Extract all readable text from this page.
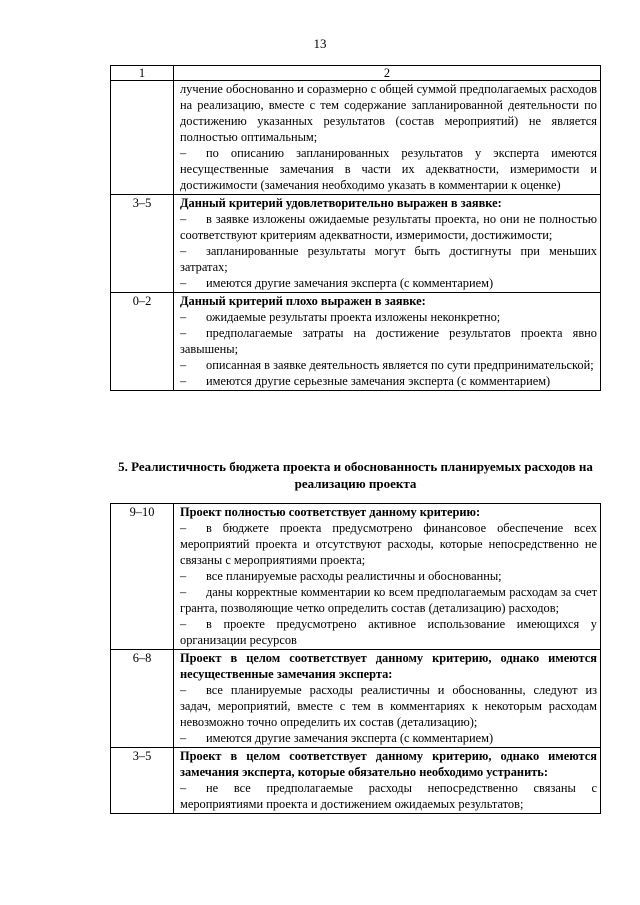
13
1	2

	лучение обоснованно и соразмерно с общей суммой предполагаемых расходов на реализацию, вместе с тем содержание запланированной деятельности по достижению указанных результатов (состав мероприятий) не является полностью оптимальным;
– по описанию запланированных результатов у эксперта имеются несущественные замечания в части их адекватности, измеримости и достижимости (замечания необходимо указать в комментарии к оценке)

3–5	Данный критерий удовлетворительно выражен в заявке:
– в заявке изложены ожидаемые результаты проекта, но они не полностью соответствуют критериям адекватности, измеримости, достижимости;
– запланированные результаты могут быть достигнуты при меньших затратах;
– имеются другие замечания эксперта (с комментарием)

0–2	Данный критерий плохо выражен в заявке:
– ожидаемые результаты проекта изложены неконкретно;
– предполагаемые затраты на достижение результатов проекта явно завышены;
– описанная в заявке деятельность является по сути предпринимательской;
– имеются другие серьезные замечания эксперта (с комментарием)
5. Реалистичность бюджета проекта и обоснованность планируемых расходов на реализацию проекта
9–10	Проект полностью соответствует данному критерию:
– в бюджете проекта предусмотрено финансовое обеспечение всех мероприятий проекта и отсутствуют расходы, которые непосредственно не связаны с мероприятиями проекта;
– все планируемые расходы реалистичны и обоснованны;
– даны корректные комментарии ко всем предполагаемым расходам за счет гранта, позволяющие четко определить состав (детализацию) расходов;
– в проекте предусмотрено активное использование имеющихся у организации ресурсов

6–8	Проект в целом соответствует данному критерию, однако имеются несущественные замечания эксперта:
– все планируемые расходы реалистичны и обоснованны, следуют из задач, мероприятий, вместе с тем в комментариях к некоторым расходам невозможно точно определить их состав (детализацию);
– имеются другие замечания эксперта (с комментарием)

3–5	Проект в целом соответствует данному критерию, однако имеются замечания эксперта, которые обязательно необходимо устранить:
– не все предполагаемые расходы непосредственно связаны с мероприятиями проекта и достижением ожидаемых результатов;
